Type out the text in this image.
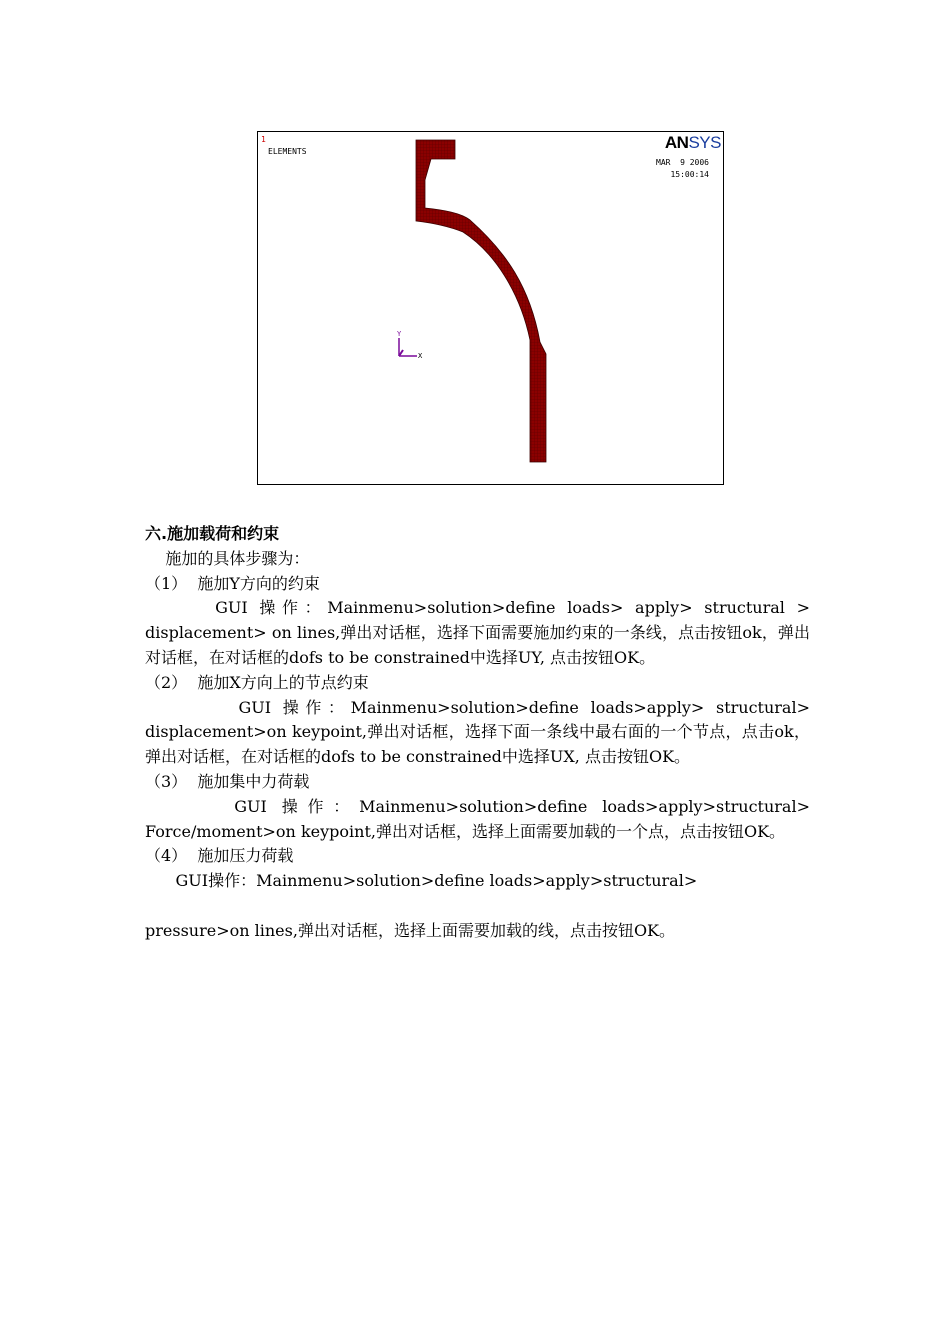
1
ELEMENTS	ANSYS
MAR  9 2006
15:00:14
Y
X

六.施加载荷和约束

施加的具体步骤为：

（1）  施加Y方向的约束

GUI 操作：Mainmenu>solution>define loads> apply> structural > displacement> on lines,弹出对话框，选择下面需要施加约束的一条线，点击按钮ok，弹出对话框，在对话框的dofs to be constrained中选择UY, 点击按钮OK。

（2）  施加X方向上的节点约束

GUI 操作：Mainmenu>solution>define loads>apply> structural> displacement>on keypoint,弹出对话框，选择下面一条线中最右面的一个节点，点击ok，弹出对话框，在对话框的dofs to be constrained中选择UX, 点击按钮OK。

（3）  施加集中力荷载

GUI 操作：Mainmenu>solution>define loads>apply>structural> Force/moment>on keypoint,弹出对话框，选择上面需要加载的一个点，点击按钮OK。

（4）  施加压力荷载

GUI操作：Mainmenu>solution>define loads>apply>structural>

pressure>on lines,弹出对话框，选择上面需要加载的线，点击按钮OK。
